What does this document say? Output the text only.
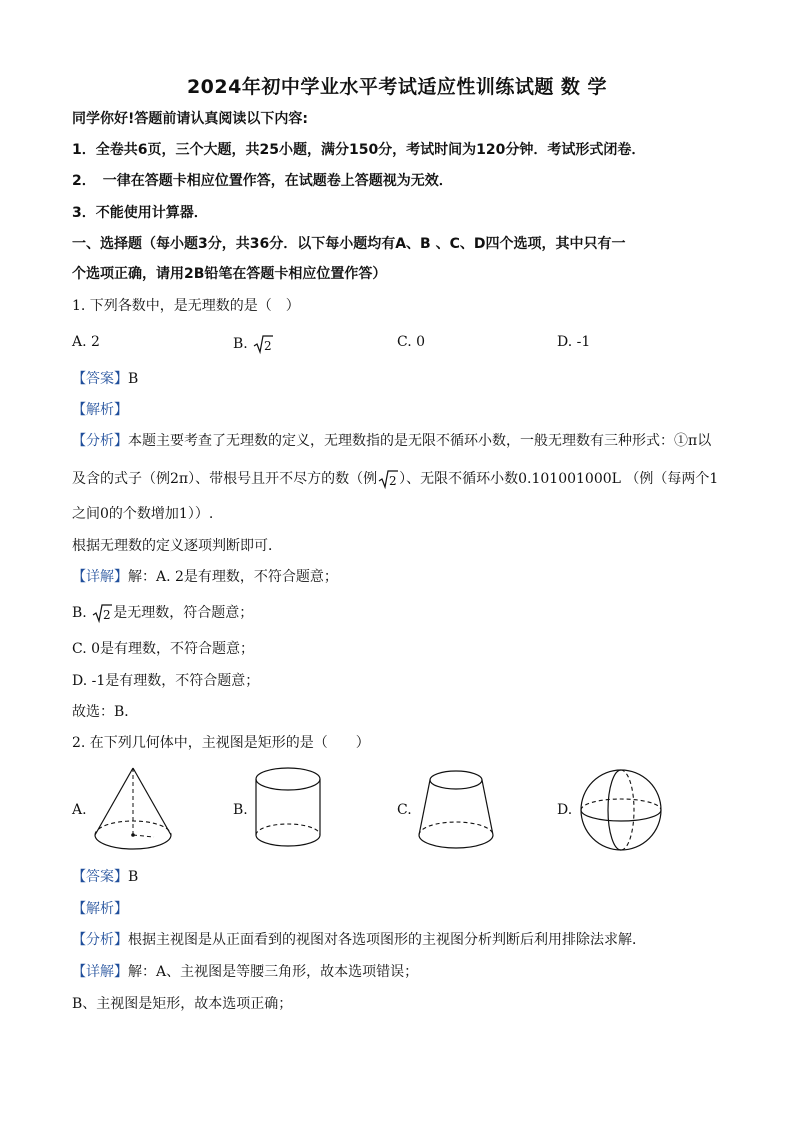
2024年初中学业水平考试适应性训练试题 数 学
同学你好!答题前请认真阅读以下内容:
1．全卷共6页，三个大题，共25小题，满分150分，考试时间为120分钟．考试形式闭卷．
2．　一律在答题卡相应位置作答，在试题卷上答题视为无效．
3．不能使用计算器．
一、选择题（每小题3分，共36分．以下每小题均有A、B 、C、D四个选项，其中只有一
个选项正确，请用2B铅笔在答题卡相应位置作答）
1. 下列各数中，是无理数的是（　）
A. 2	B. 2	C. 0	D. -1
【答案】B
【解析】
【分析】本题主要考查了无理数的定义，无理数指的是无限不循环小数，一般无理数有三种形式：①π以
及含的式子（例2π）、带根号且开不尽方的数（例 2 ）、无限不循环小数0.101001000L （例（每两个1
之间0的个数增加1））.
根据无理数的定义逐项判断即可．
【详解】解：A. 2是有理数，不符合题意；
B. 2 是无理数，符合题意；
C. 0是有理数，不符合题意；
D. -1是有理数，不符合题意；
故选：B．
2. 在下列几何体中，主视图是矩形的是（　　）
A.	B.	C.	D.
【答案】B
【解析】
【分析】根据主视图是从正面看到的视图对各选项图形的主视图分析判断后利用排除法求解．
【详解】解：A、主视图是等腰三角形，故本选项错误；
B、主视图是矩形，故本选项正确；
